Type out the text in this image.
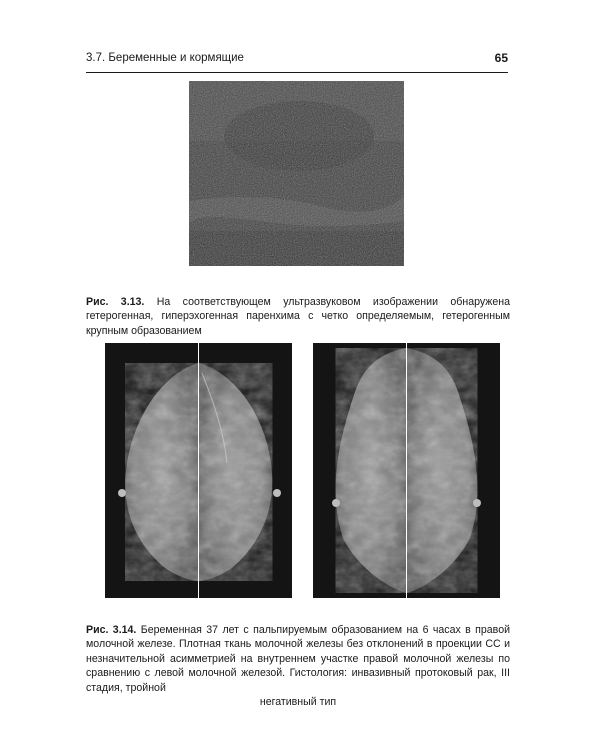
3.7. Беременные и кормящие	65

Рис. 3.13. На соответствующем ультразвуковом изображении обнаружена гетерогенная, гиперэхогенная паренхима с четко определяемым, гетерогенным крупным образованием

Рис. 3.14. Беременная 37 лет с пальпируемым образованием на 6 часах в правой молочной железе. Плотная ткань молочной железы без отклонений в проекции CC и незначительной асимметрией на внутреннем участке правой молочной железы по сравнению с левой молочной железой. Гистология: инвазивный протоковый рак, III стадия, тройной
негативный тип
